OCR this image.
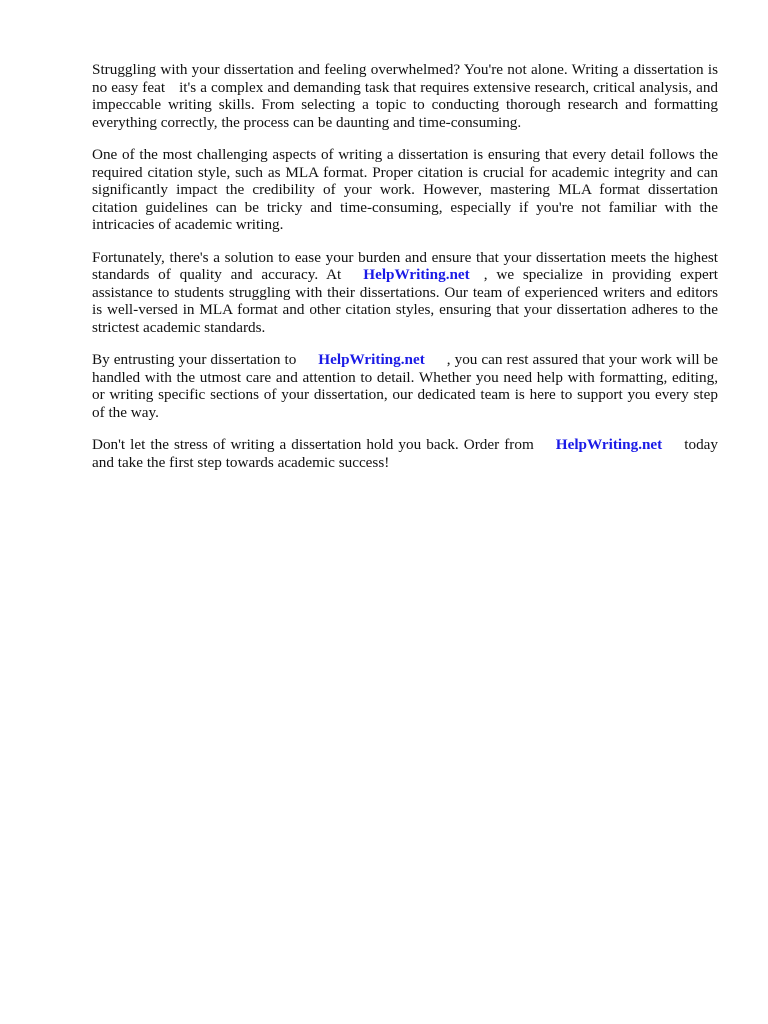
Struggling with your dissertation and feeling overwhelmed? You're not alone. Writing a dissertation is no easy feat it's a complex and demanding task that requires extensive research, critical analysis, and impeccable writing skills. From selecting a topic to conducting thorough research and formatting everything correctly, the process can be daunting and time-consuming.

One of the most challenging aspects of writing a dissertation is ensuring that every detail follows the required citation style, such as MLA format. Proper citation is crucial for academic integrity and can significantly impact the credibility of your work. However, mastering MLA format dissertation citation guidelines can be tricky and time-consuming, especially if you're not familiar with the intricacies of academic writing.

Fortunately, there's a solution to ease your burden and ensure that your dissertation meets the highest standards of quality and accuracy. At HelpWriting.net , we specialize in providing expert assistance to students struggling with their dissertations. Our team of experienced writers and editors is well-versed in MLA format and other citation styles, ensuring that your dissertation adheres to the strictest academic standards.

By entrusting your dissertation to HelpWriting.net , you can rest assured that your work will be handled with the utmost care and attention to detail. Whether you need help with formatting, editing, or writing specific sections of your dissertation, our dedicated team is here to support you every step of the way.

Don't let the stress of writing a dissertation hold you back. Order from HelpWriting.net today and take the first step towards academic success!
